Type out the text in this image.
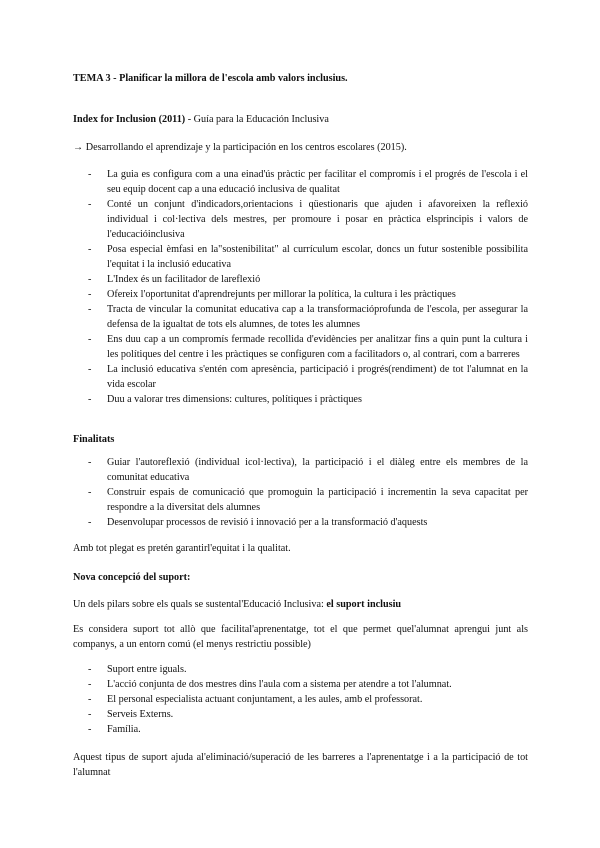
TEMA 3 - Planificar la millora de l'escola amb valors inclusius.
Index for Inclusion (2011) - Guía para la Educación Inclusiva
→ Desarrollando el aprendizaje y la participación en los centros escolares (2015).
- La guia es configura com a una einad'ús pràctic per facilitar el compromís i el progrés de l'escola i el seu equip docent cap a una educació inclusiva de qualitat
- Conté un conjunt d'indicadors,orientacions i qüestionaris que ajuden i afavoreixen la reflexió individual i col·lectiva dels mestres, per promoure i posar en pràctica elsprincipis i valors de l'educacióinclusiva
- Posa especial èmfasi en la"sostenibilitat" al currículum escolar, doncs un futur sostenible possibilita l'equitat i la inclusió educativa
- L'Index és un facilitador de lareflexió
- Ofereix l'oportunitat d'aprendrejunts per millorar la política, la cultura i les pràctiques
- Tracta de vincular la comunitat educativa cap a la transformacióprofunda de l'escola, per assegurar la defensa de la igualtat de tots els alumnes, de totes les alumnes
- Ens duu cap a un compromís fermade recollida d'evidències per analitzar fins a quin punt la cultura i les polítiques del centre i les pràctiques se configuren com a facilitadors o, al contrari, com a barreres
- La inclusió educativa s'entén com apresència, participació i progrés(rendiment) de tot l'alumnat en la vida escolar
- Duu a valorar tres dimensions: cultures, polítiques i pràctiques
Finalitats
- Guiar l'autoreflexió (individual icol·lectiva), la participació i el diàleg entre els membres de la comunitat educativa
- Construir espais de comunicació que promoguin la participació i incrementin la seva capacitat per respondre a la diversitat dels alumnes
- Desenvolupar processos de revisió i innovació per a la transformació d'aquests
Amb tot plegat es pretén garantirl'equitat i la qualitat.
Nova concepció del suport:
Un dels pilars sobre els quals se sustental'Educació Inclusiva: el suport inclusiu
Es considera suport tot allò que facilital'aprenentatge, tot el que permet quel'alumnat aprengui junt als companys, a un entorn comú (el menys restrictiu possible)
- Suport entre iguals.
- L'acció conjunta de dos mestres dins l'aula com a sistema per atendre a tot l'alumnat.
- El personal especialista actuant conjuntament, a les aules, amb el professorat.
- Serveis Externs.
- Família.
Aquest tipus de suport ajuda al'eliminació/superació de les barreres a l'aprenentatge i a la participació de tot l'alumnat
